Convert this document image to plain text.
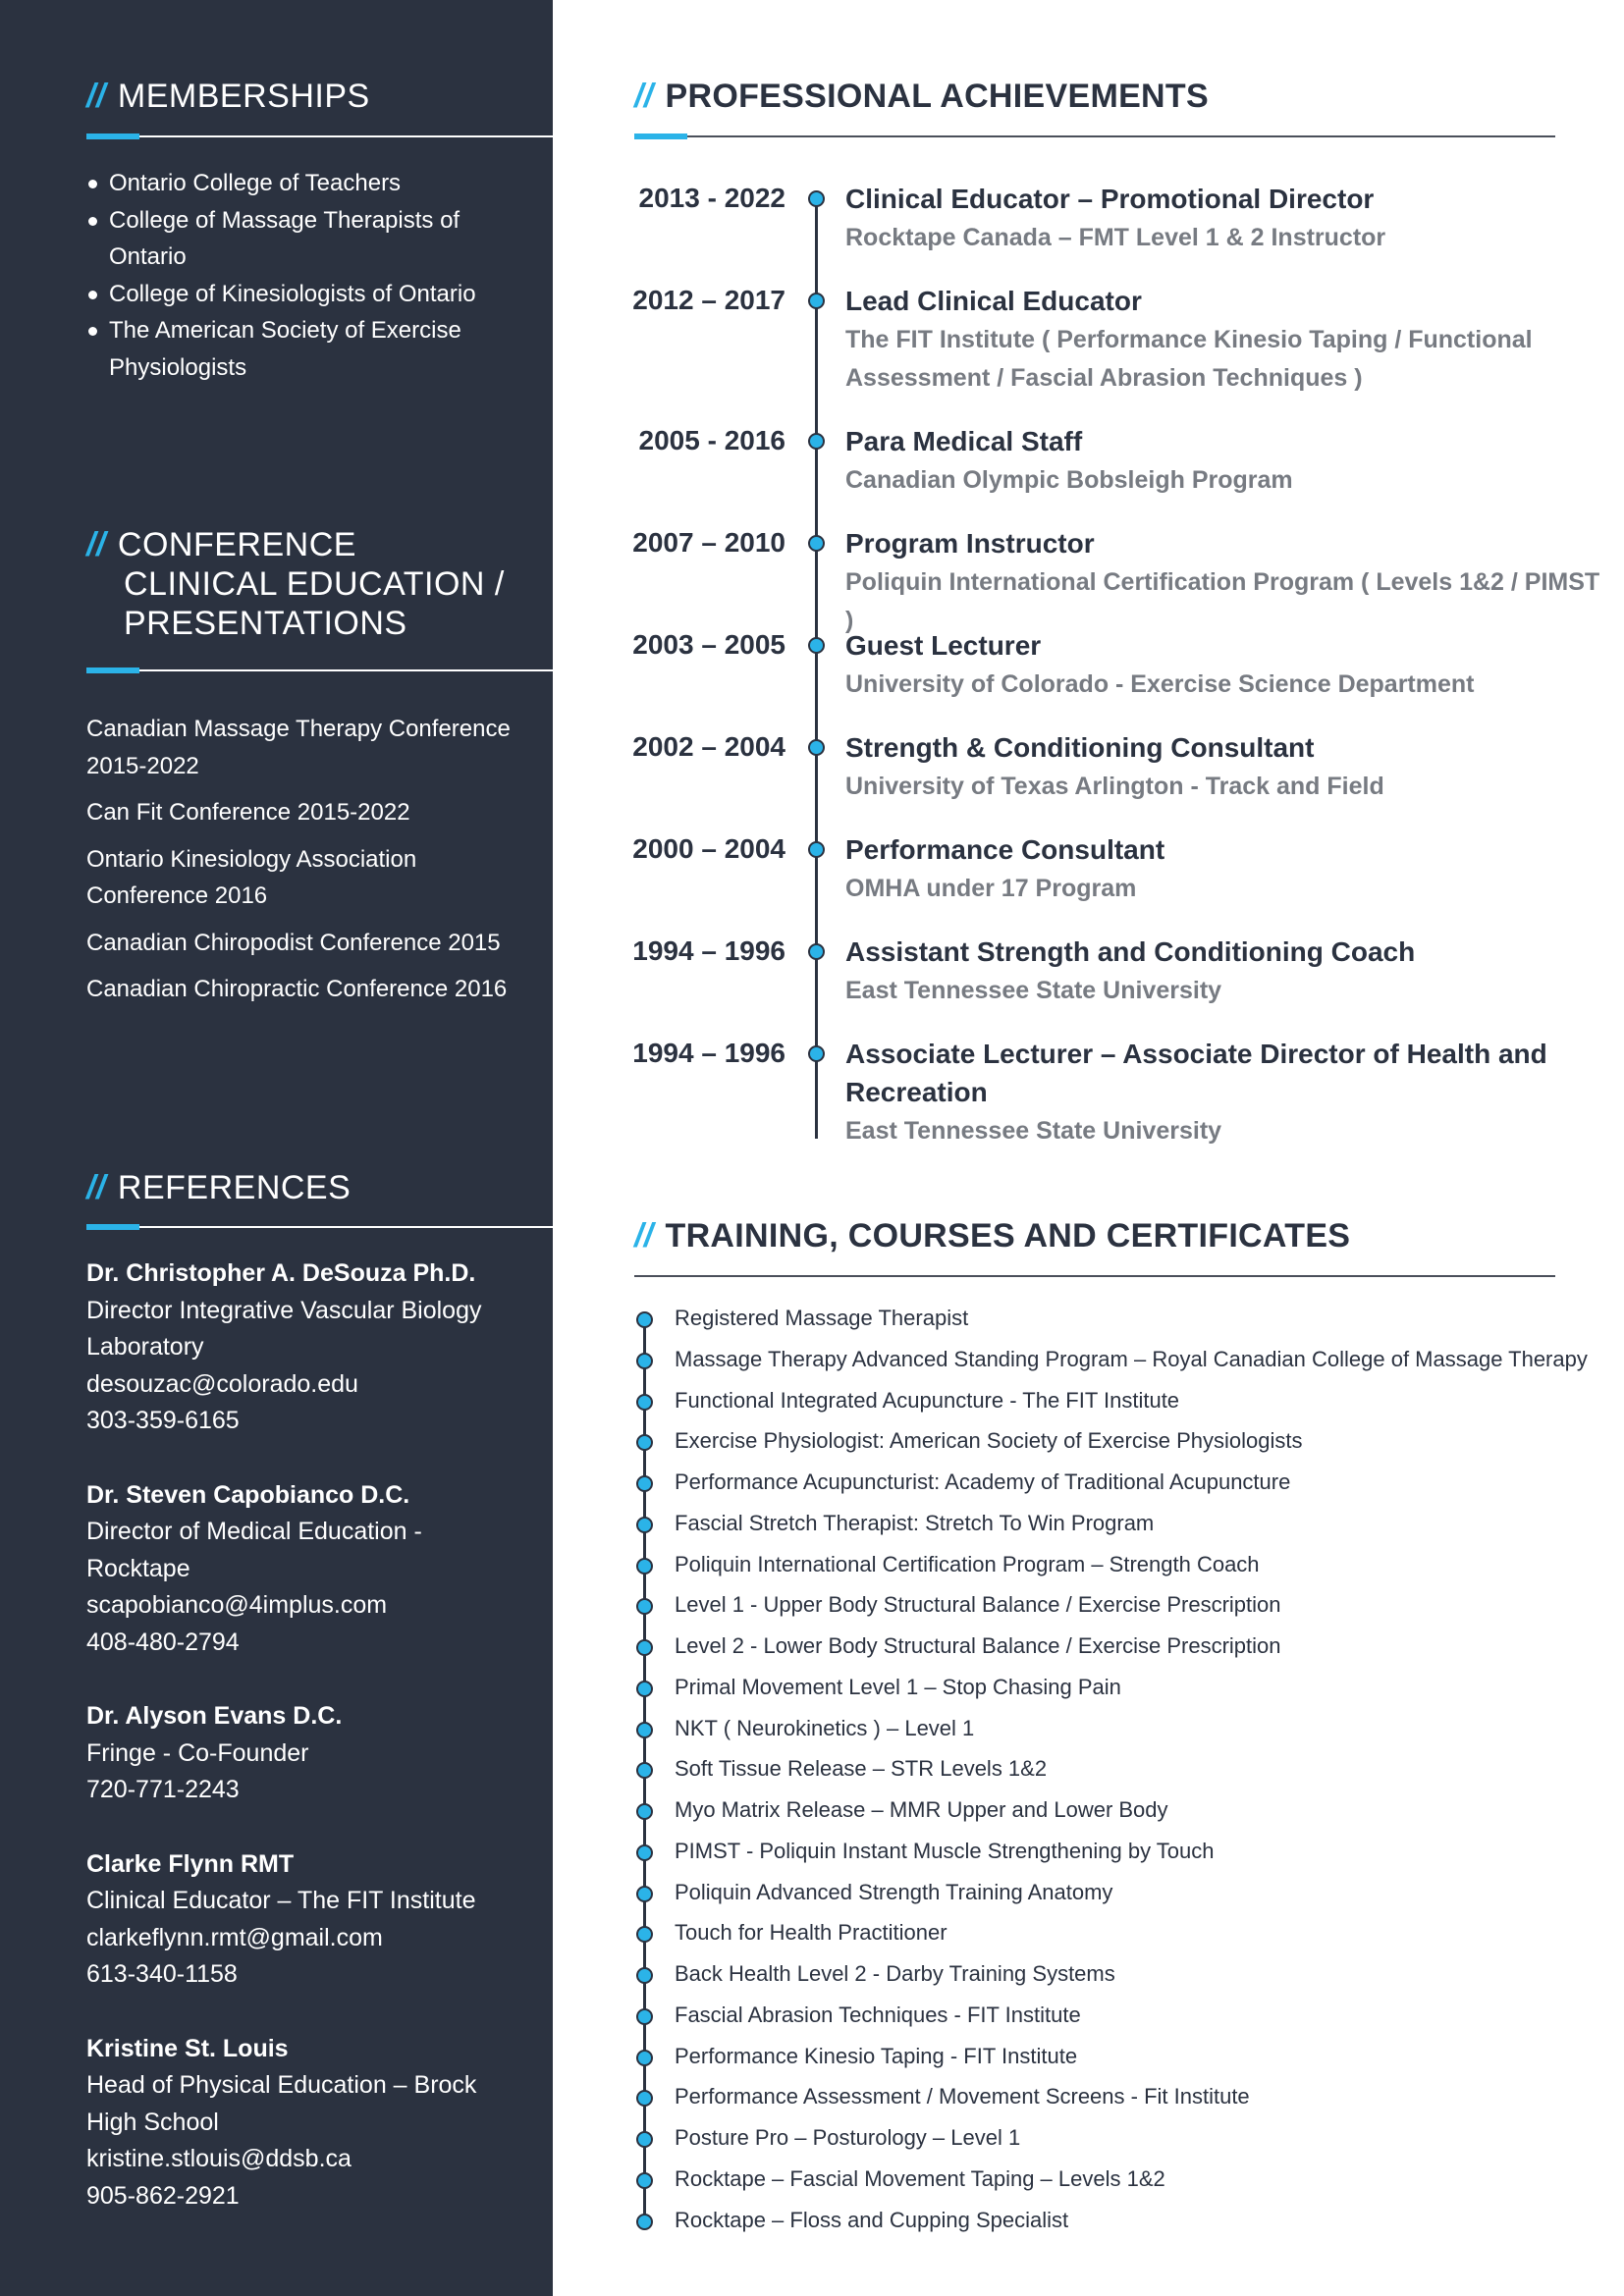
// MEMBERSHIPS
Ontario College of Teachers
College of Massage Therapists of Ontario
College of Kinesiologists of Ontario
The American Society of Exercise Physiologists
// CONFERENCE
CLINICAL EDUCATION /
PRESENTATIONS
Canadian Massage Therapy Conference 2015-2022
Can Fit Conference 2015-2022
Ontario Kinesiology Association Conference 2016
Canadian Chiropodist Conference 2015
Canadian Chiropractic Conference 2016
// REFERENCES
Dr. Christopher A. DeSouza Ph.D.
Director Integrative Vascular Biology Laboratory
desouzac@colorado.edu
303-359-6165
Dr. Steven Capobianco D.C.
Director of Medical Education - Rocktape
scapobianco@4implus.com
408-480-2794
Dr. Alyson Evans D.C.
Fringe - Co-Founder
720-771-2243
Clarke Flynn RMT
Clinical Educator – The FIT Institute
clarkeflynn.rmt@gmail.com
613-340-1158
Kristine St. Louis
Head of Physical Education – Brock High School
kristine.stlouis@ddsb.ca
905-862-2921
// PROFESSIONAL ACHIEVEMENTS
2013 - 2022 Clinical Educator – Promotional Director
Rocktape Canada – FMT Level 1 & 2 Instructor
2012 – 2017 Lead Clinical Educator
The FIT Institute ( Performance Kinesio Taping / Functional Assessment / Fascial Abrasion Techniques )
2005 - 2016 Para Medical Staff
Canadian Olympic Bobsleigh Program
2007 – 2010 Program Instructor
Poliquin International Certification Program ( Levels 1&2 / PIMST )
2003 – 2005 Guest Lecturer
University of Colorado - Exercise Science Department
2002 – 2004 Strength & Conditioning Consultant
University of Texas Arlington - Track and Field
2000 – 2004 Performance Consultant
OMHA under 17 Program
1994 – 1996 Assistant Strength and Conditioning Coach
East Tennessee State University
1994 – 1996 Associate Lecturer – Associate Director of Health and Recreation
East Tennessee State University
// TRAINING, COURSES AND CERTIFICATES
Registered Massage Therapist
Massage Therapy Advanced Standing Program – Royal Canadian College of Massage Therapy
Functional Integrated Acupuncture - The FIT Institute
Exercise Physiologist: American Society of Exercise Physiologists
Performance Acupuncturist: Academy of Traditional Acupuncture
Fascial Stretch Therapist: Stretch To Win Program
Poliquin International Certification Program – Strength Coach
Level 1 - Upper Body Structural Balance / Exercise Prescription
Level 2 - Lower Body Structural Balance / Exercise Prescription
Primal Movement Level 1 – Stop Chasing Pain
NKT ( Neurokinetics ) – Level 1
Soft Tissue Release – STR Levels 1&2
Myo Matrix Release – MMR Upper and Lower Body
PIMST - Poliquin Instant Muscle Strengthening by Touch
Poliquin Advanced Strength Training Anatomy
Touch for Health Practitioner
Back Health Level 2 - Darby Training Systems
Fascial Abrasion Techniques - FIT Institute
Performance Kinesio Taping - FIT Institute
Performance Assessment / Movement Screens - Fit Institute
Posture Pro – Posturology – Level 1
Rocktape – Fascial Movement Taping – Levels 1&2
Rocktape – Floss and Cupping Specialist
